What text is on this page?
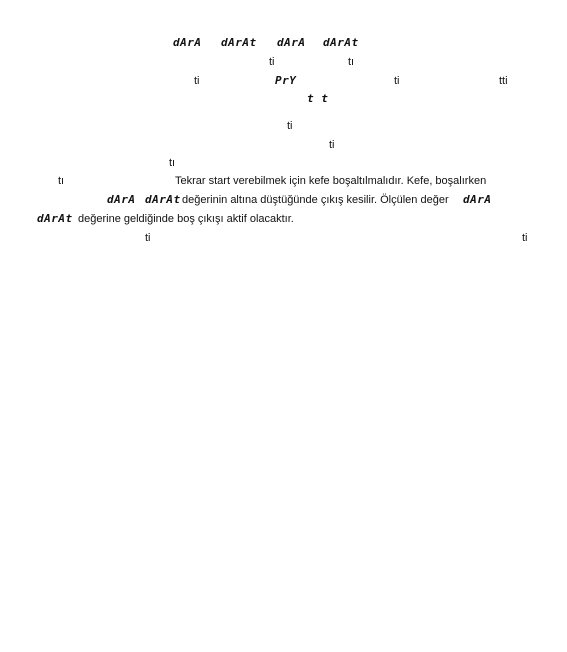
dArA dArAt dArA dArAt
ti	tı
ti	PrY	ti	tti
t t
ti
ti
tı
tı	Tekrar start verebilmek için kefe boşaltılmalıdır. Kefe, boşalırken
dArA dArAt değerinin altına düştüğünde çıkış kesilir. Ölçülen değer dArA
dArAt değerine geldiğinde boş çıkışı aktif olacaktır.
ti	ti
